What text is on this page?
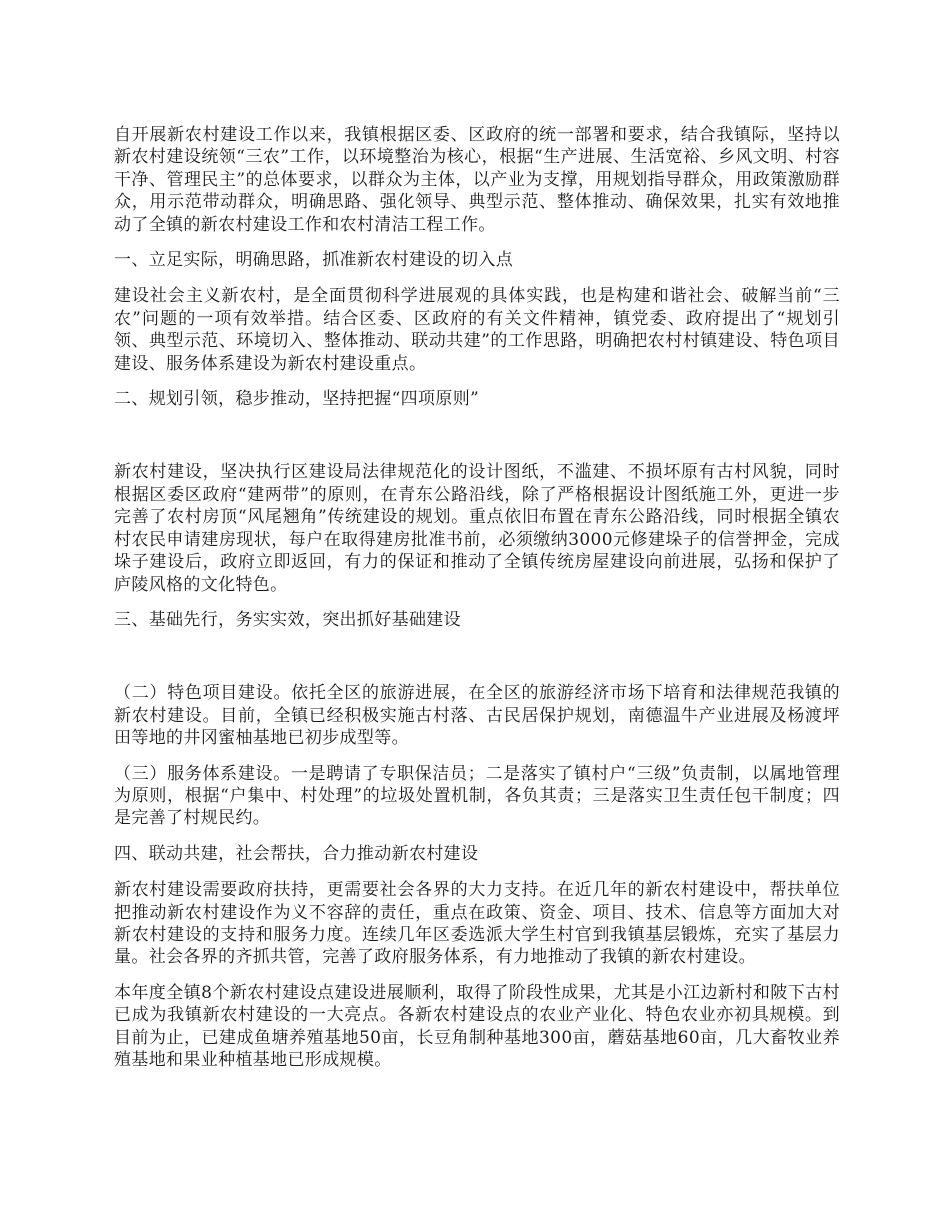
自开展新农村建设工作以来，我镇根据区委、区政府的统一部署和要求，结合我镇际，坚持以新农村建设统领“三农”工作，以环境整治为核心，根据“生产进展、生活宽裕、乡风文明、村容干净、管理民主”的总体要求，以群众为主体，以产业为支撑，用规划指导群众，用政策激励群众，用示范带动群众，明确思路、强化领导、典型示范、整体推动、确保效果，扎实有效地推动了全镇的新农村建设工作和农村清洁工程工作。

一、立足实际，明确思路，抓准新农村建设的切入点

建设社会主义新农村，是全面贯彻科学进展观的具体实践，也是构建和谐社会、破解当前“三农”问题的一项有效举措。结合区委、区政府的有关文件精神，镇党委、政府提出了“规划引领、典型示范、环境切入、整体推动、联动共建”的工作思路，明确把农村村镇建设、特色项目建设、服务体系建设为新农村建设重点。

二、规划引领，稳步推动，坚持把握“四项原则”

新农村建设，坚决执行区建设局法律规范化的设计图纸，不滥建、不损坏原有古村风貌，同时根据区委区政府“建两带”的原则，在青东公路沿线，除了严格根据设计图纸施工外，更进一步完善了农村房顶“风尾翘角”传统建设的规划。重点依旧布置在青东公路沿线，同时根据全镇农村农民申请建房现状，每户在取得建房批准书前，必须缴纳3000元修建垛子的信誉押金，完成垛子建设后，政府立即返回，有力的保证和推动了全镇传统房屋建设向前进展，弘扬和保护了庐陵风格的文化特色。

三、基础先行，务实实效，突出抓好基础建设

（二）特色项目建设。依托全区的旅游进展，在全区的旅游经济市场下培育和法律规范我镇的新农村建设。目前，全镇已经积极实施古村落、古民居保护规划，南德温牛产业进展及杨渡坪田等地的井冈蜜柚基地已初步成型等。

（三）服务体系建设。一是聘请了专职保洁员；二是落实了镇村户“三级”负责制，以属地管理为原则，根据“户集中、村处理”的垃圾处置机制，各负其责；三是落实卫生责任包干制度；四是完善了村规民约。

四、联动共建，社会帮扶，合力推动新农村建设

新农村建设需要政府扶持，更需要社会各界的大力支持。在近几年的新农村建设中，帮扶单位把推动新农村建设作为义不容辞的责任，重点在政策、资金、项目、技术、信息等方面加大对新农村建设的支持和服务力度。连续几年区委选派大学生村官到我镇基层锻炼，充实了基层力量。社会各界的齐抓共管，完善了政府服务体系，有力地推动了我镇的新农村建设。

本年度全镇8个新农村建设点建设进展顺利，取得了阶段性成果，尤其是小江边新村和陂下古村已成为我镇新农村建设的一大亮点。各新农村建设点的农业产业化、特色农业亦初具规模。到目前为止，已建成鱼塘养殖基地50亩，长豆角制种基地300亩，蘑菇基地60亩，几大畜牧业养殖基地和果业种植基地已形成规模。
